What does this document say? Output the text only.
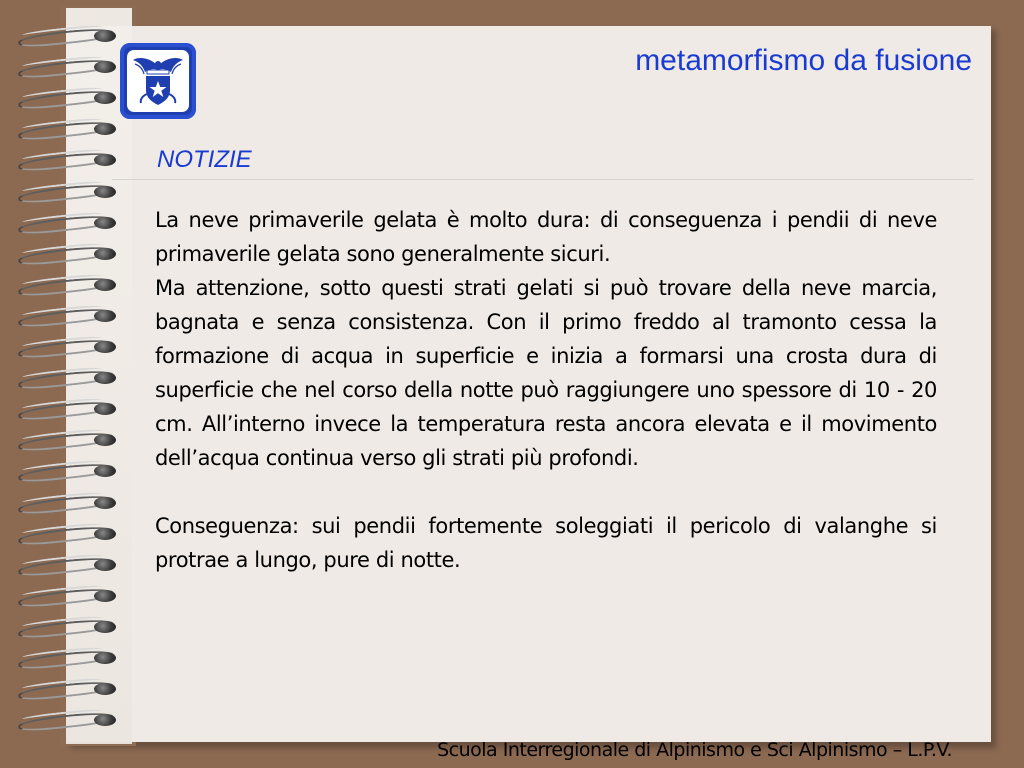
metamorfismo da fusione
NOTIZIE

La neve primaverile gelata è molto dura: di conseguenza i pendii di neve primaverile gelata sono generalmente sicuri.

Ma attenzione, sotto questi strati gelati si può trovare della neve marcia, bagnata e senza consistenza. Con il primo freddo al tramonto cessa la formazione di acqua in superficie e inizia a formarsi una crosta dura di superficie che nel corso della notte può raggiungere uno spessore di 10 - 20 cm. All’interno invece la temperatura resta ancora elevata e il movimento dell’acqua continua verso gli strati più profondi.

Conseguenza: sui pendii fortemente soleggiati il pericolo di valanghe si protrae a lungo, pure di notte.

Scuola Interregionale di Alpinismo e Sci Alpinismo – L.P.V.
